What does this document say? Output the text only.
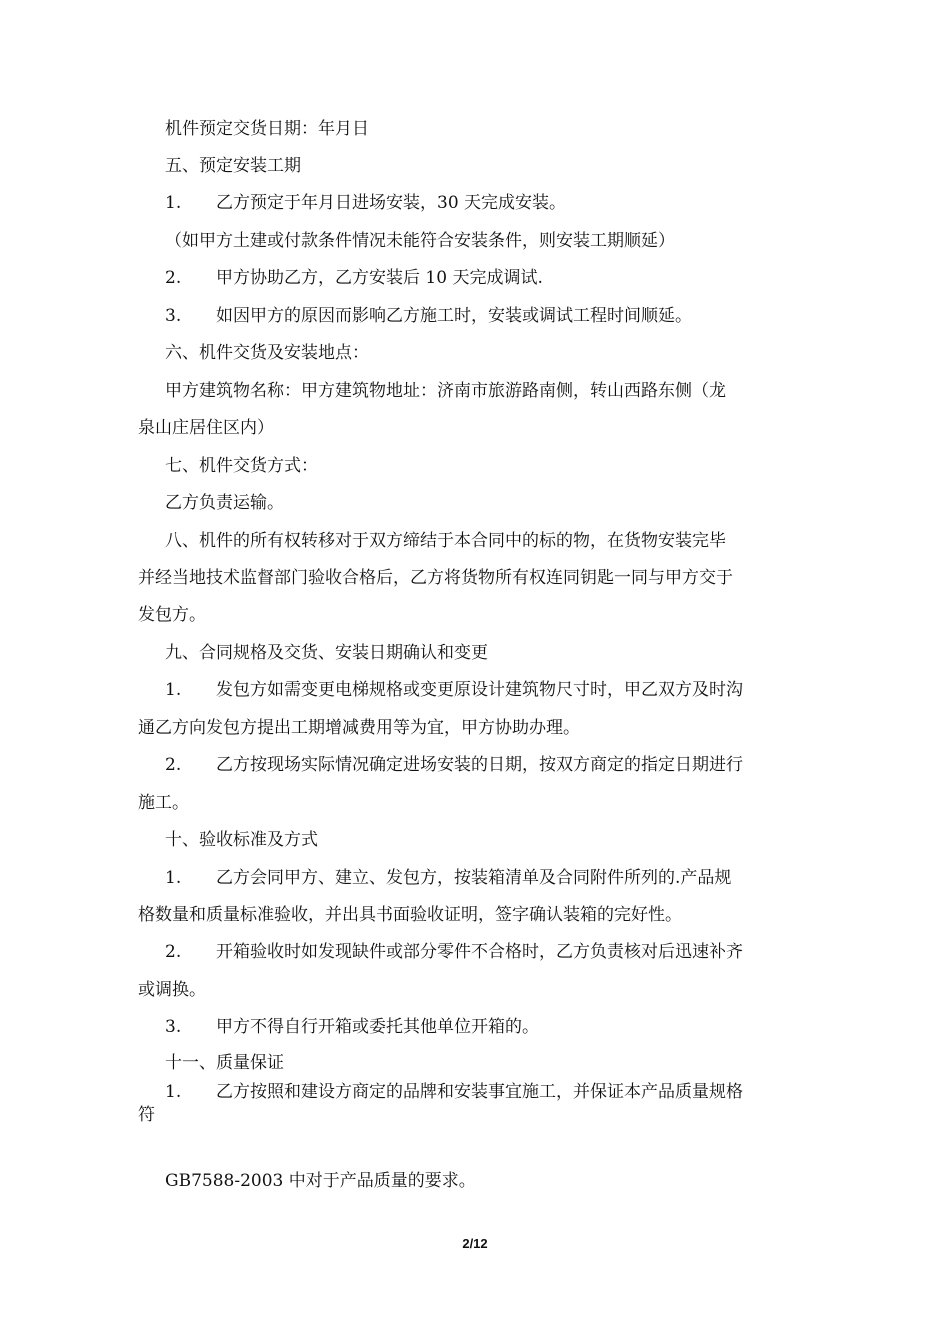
机件预定交货日期：年月日
五、预定安装工期
1. 乙方预定于年月日进场安装，30 天完成安装。
（如甲方土建或付款条件情况未能符合安装条件，则安装工期顺延）
2. 甲方协助乙方，乙方安装后 10 天完成调试.
3. 如因甲方的原因而影响乙方施工时，安装或调试工程时间顺延。
六、机件交货及安装地点：
甲方建筑物名称：甲方建筑物地址：济南市旅游路南侧，转山西路东侧（龙
泉山庄居住区内）
七、机件交货方式：
乙方负责运输。
八、机件的所有权转移对于双方缔结于本合同中的标的物，在货物安装完毕
并经当地技术监督部门验收合格后，乙方将货物所有权连同钥匙一同与甲方交于
发包方。
九、合同规格及交货、安装日期确认和变更
1. 发包方如需变更电梯规格或变更原设计建筑物尺寸时，甲乙双方及时沟
通乙方向发包方提出工期增减费用等为宜，甲方协助办理。
2. 乙方按现场实际情况确定进场安装的日期，按双方商定的指定日期进行
施工。
十、验收标准及方式
1. 乙方会同甲方、建立、发包方，按装箱清单及合同附件所列的.产品规
格数量和质量标准验收，并出具书面验收证明，签字确认装箱的完好性。
2. 开箱验收时如发现缺件或部分零件不合格时，乙方负责核对后迅速补齐
或调换。
3. 甲方不得自行开箱或委托其他单位开箱的。
十一、质量保证
1. 乙方按照和建设方商定的品牌和安装事宜施工，并保证本产品质量规格
符
GB7588-2003 中对于产品质量的要求。
2/12
